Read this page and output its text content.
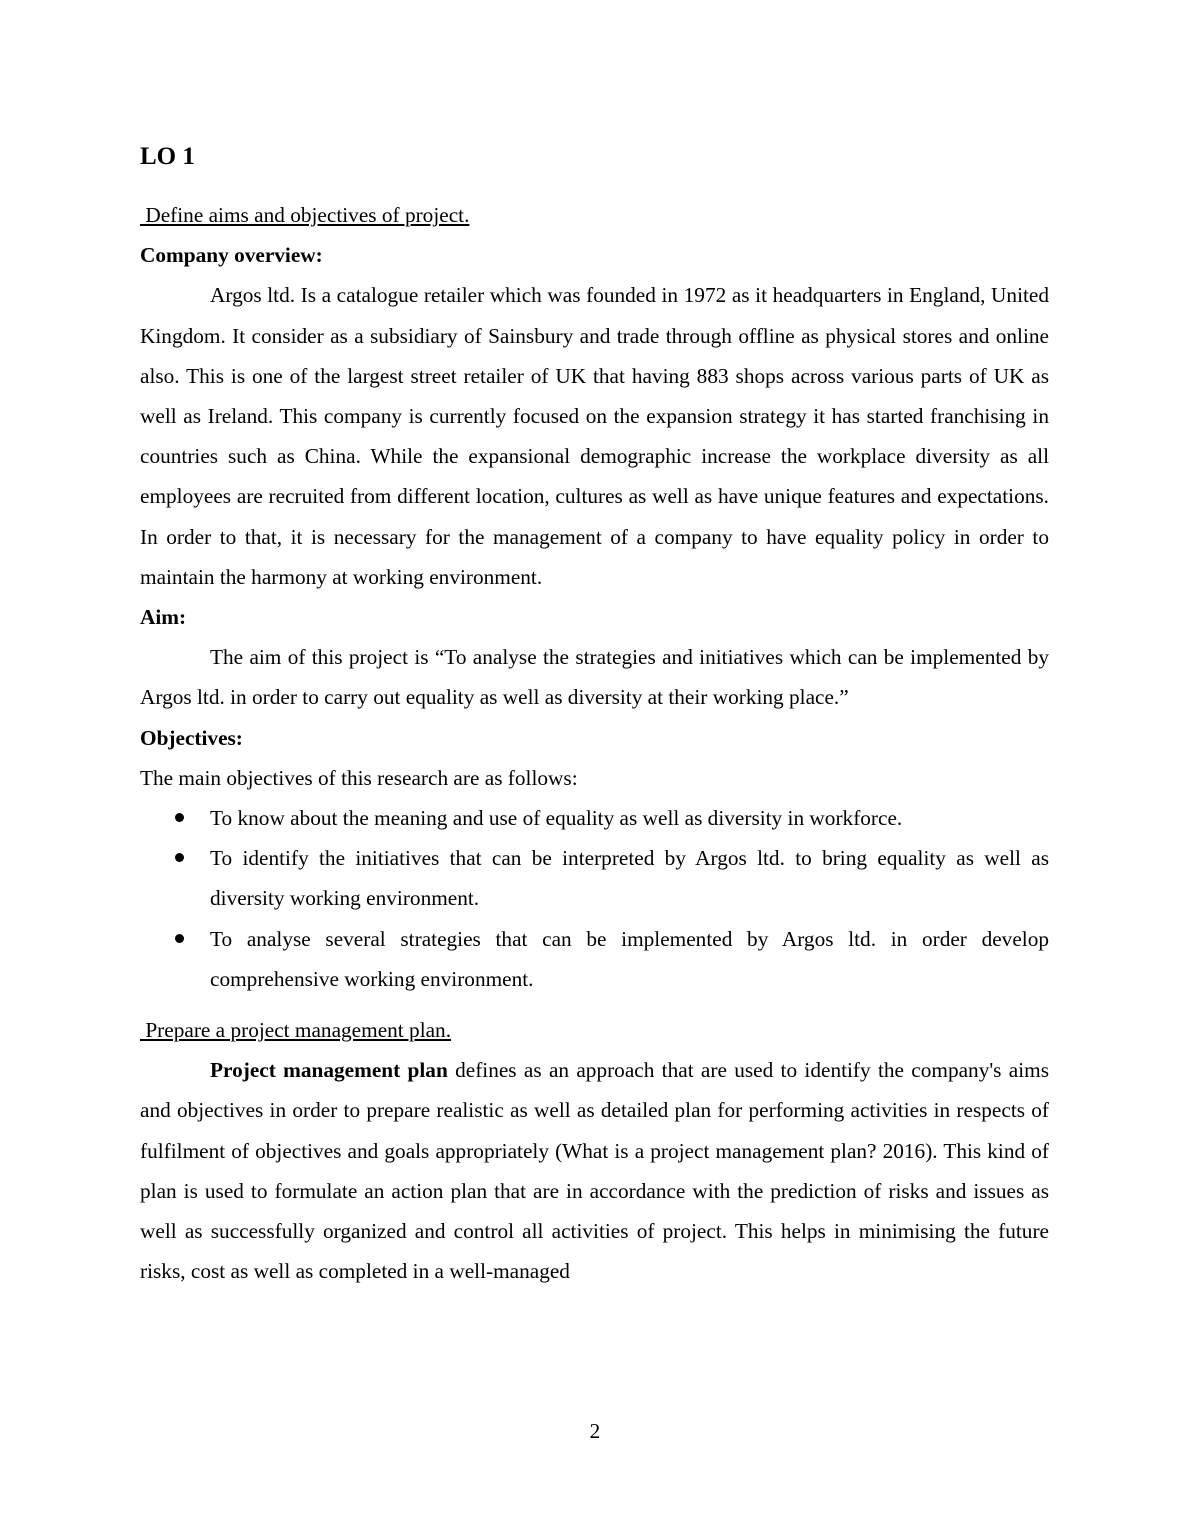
LO 1

Define aims and objectives of project.

Company overview:

Argos ltd. Is a catalogue retailer which was founded in 1972 as it headquarters in England, United Kingdom. It consider as a subsidiary of Sainsbury and trade through offline as physical stores and online also. This is one of the largest street retailer of UK that having 883 shops across various parts of UK as well as Ireland. This company is currently focused on the expansion strategy it has started franchising in countries such as China. While the expansional demographic increase the workplace diversity as all employees are recruited from different location, cultures as well as have unique features and expectations. In order to that, it is necessary for the management of a company to have equality policy in order to maintain the harmony at working environment.

Aim:

The aim of this project is “To analyse the strategies and initiatives which can be implemented by Argos ltd. in order to carry out equality as well as diversity at their working place.”

Objectives:

The main objectives of this research are as follows:

To know about the meaning and use of equality as well as diversity in workforce.
To identify the initiatives that can be interpreted by Argos ltd. to bring equality as well as diversity working environment.
To analyse several strategies that can be implemented by Argos ltd. in order develop comprehensive working environment.

Prepare a project management plan.

Project management plan defines as an approach that are used to identify the company's aims and objectives in order to prepare realistic as well as detailed plan for performing activities in respects of fulfilment of objectives and goals appropriately (What is a project management plan? 2016). This kind of plan is used to formulate an action plan that are in accordance with the prediction of risks and issues as well as successfully organized and control all activities of project. This helps in minimising the future risks, cost as well as completed in a well-managed

2
